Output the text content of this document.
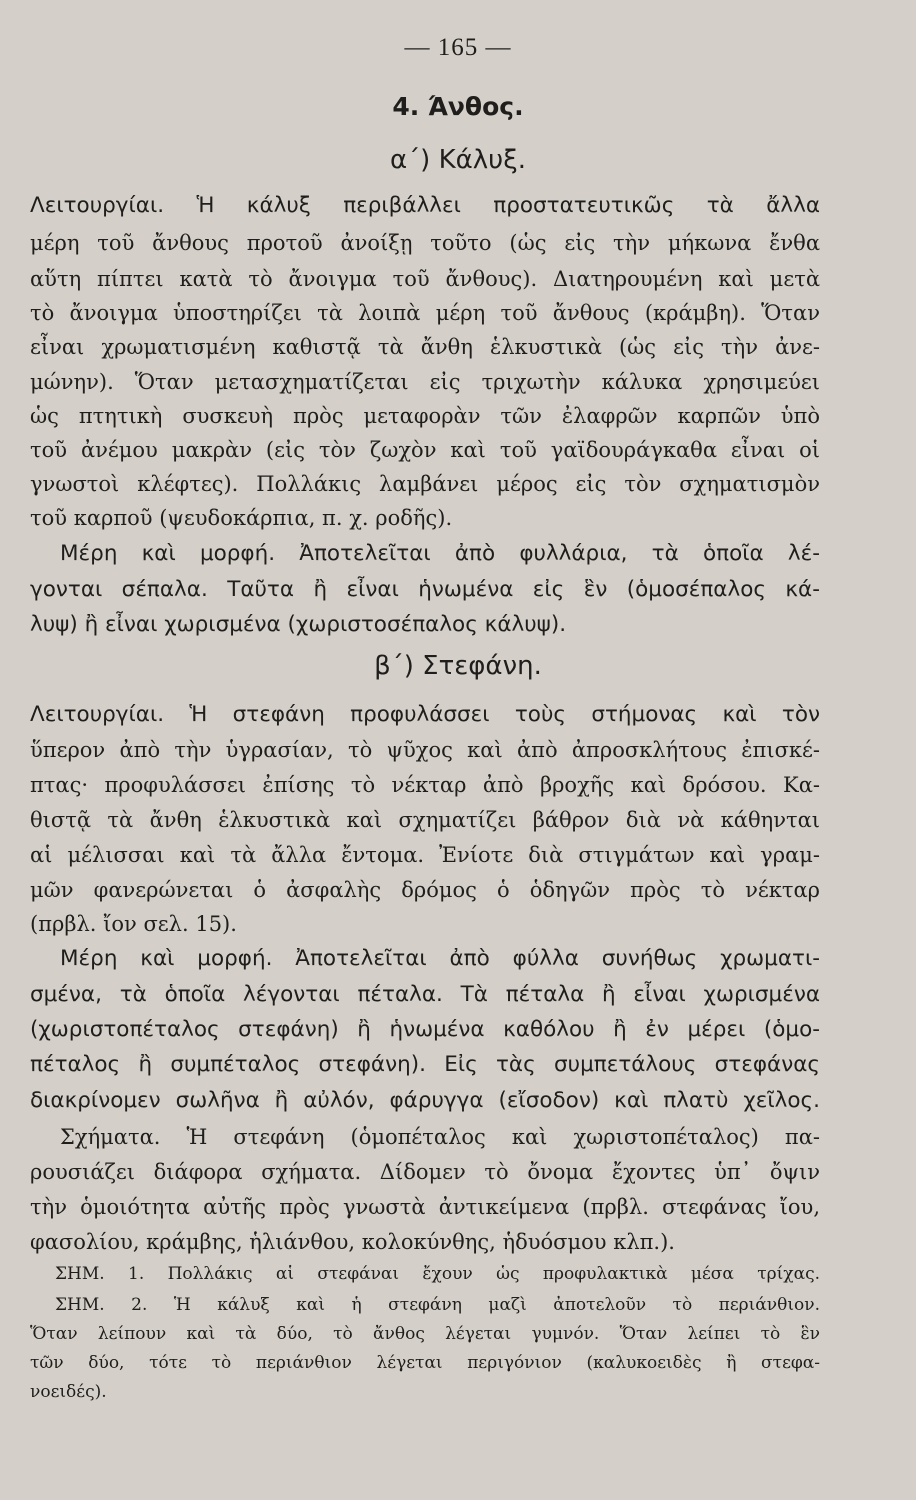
— 165 —
4. Άνθος.
α΄) Κάλυξ.
Λειτουργίαι. Ἡ κάλυξ περιβάλλει προστατευτικῶς τὰ ἄλλα
μέρη τοῦ ἄνθους προτοῦ ἀνοίξῃ τοῦτο (ὡς εἰς τὴν μήκωνα ἔνθα
αὕτη πίπτει κατὰ τὸ ἄνοιγμα τοῦ ἄνθους). Διατηρουμένη καὶ μετὰ
τὸ ἄνοιγμα ὑποστηρίζει τὰ λοιπὰ μέρη τοῦ ἄνθους (κράμβη). Ὅταν
εἶναι χρωματισμένη καθιστᾷ τὰ ἄνθη ἑλκυστικὰ (ὡς εἰς τὴν ἀνε-
μώνην). Ὅταν μετασχηματίζεται εἰς τριχωτὴν κάλυκα χρησιμεύει
ὡς πτητικὴ συσκευὴ πρὸς μεταφορὰν τῶν ἐλαφρῶν καρπῶν ὑπὸ
τοῦ ἀνέμου μακρὰν (εἰς τὸν ζωχὸν καὶ τοῦ γαϊδουράγκαθα εἶναι οἱ
γνωστοὶ κλέφτες). Πολλάκις λαμβάνει μέρος εἰς τὸν σχηματισμὸν
τοῦ καρποῦ (ψευδοκάρπια, π. χ. ροδῆς).
Μέρη καὶ μορφή. Ἀποτελεῖται ἀπὸ φυλλάρια, τὰ ὁποῖα λέ-
γονται σέπαλα. Ταῦτα ἢ εἶναι ἡνωμένα εἰς ἓν (ὁμοσέπαλος κά-
λυψ) ἢ εἶναι χωρισμένα (χωριστοσέπαλος κάλυψ).
β΄) Στεφάνη.
Λειτουργίαι. Ἡ στεφάνη προφυλάσσει τοὺς στήμονας καὶ τὸν
ὕπερον ἀπὸ τὴν ὑγρασίαν, τὸ ψῦχος καὶ ἀπὸ ἀπροσκλήτους ἐπισκέ-
πτας· προφυλάσσει ἐπίσης τὸ νέκταρ ἀπὸ βροχῆς καὶ δρόσου. Κα-
θιστᾷ τὰ ἄνθη ἑλκυστικὰ καὶ σχηματίζει βάθρον διὰ νὰ κάθηνται
αἱ μέλισσαι καὶ τὰ ἄλλα ἔντομα. Ἐνίοτε διὰ στιγμάτων καὶ γραμ-
μῶν φανερώνεται ὁ ἀσφαλὴς δρόμος ὁ ὁδηγῶν πρὸς τὸ νέκταρ
(πρβλ. ἴον σελ. 15).
Μέρη καὶ μορφή. Ἀποτελεῖται ἀπὸ φύλλα συνήθως χρωματι-
σμένα, τὰ ὁποῖα λέγονται πέταλα. Τὰ πέταλα ἢ εἶναι χωρισμένα
(χωριστοπέταλος στεφάνη) ἢ ἡνωμένα καθόλου ἢ ἐν μέρει (ὁμο-
πέταλος ἢ συμπέταλος στεφάνη). Εἰς τὰς συμπετάλους στεφάνας
διακρίνομεν σωλῆνα ἢ αὐλόν, φάρυγγα (εἴσοδον) καὶ πλατὺ χεῖλος.
Σχήματα. Ἡ στεφάνη (ὁμοπέταλος καὶ χωριστοπέταλος) πα-
ρουσιάζει διάφορα σχήματα. Δίδομεν τὸ ὄνομα ἔχοντες ὑπ᾿ ὄψιν
τὴν ὁμοιότητα αὐτῆς πρὸς γνωστὰ ἀντικείμενα (πρβλ. στεφάνας ἴου,
φασολίου, κράμβης, ἡλιάνθου, κολοκύνθης, ἡδυόσμου κλπ.).
ΣΗΜ. 1. Πολλάκις αἱ στεφάναι ἔχουν ὡς προφυλακτικὰ μέσα τρίχας.
ΣΗΜ. 2. Ἡ κάλυξ καὶ ἡ στεφάνη μαζὶ ἀποτελοῦν τὸ περιάνθιον.
Ὅταν λείπουν καὶ τὰ δύο, τὸ ἄνθος λέγεται γυμνόν. Ὅταν λείπει τὸ ἓν
τῶν δύο, τότε τὸ περιάνθιον λέγεται περιγόνιον (καλυκοειδὲς ἢ στεφα-
νοειδές).
